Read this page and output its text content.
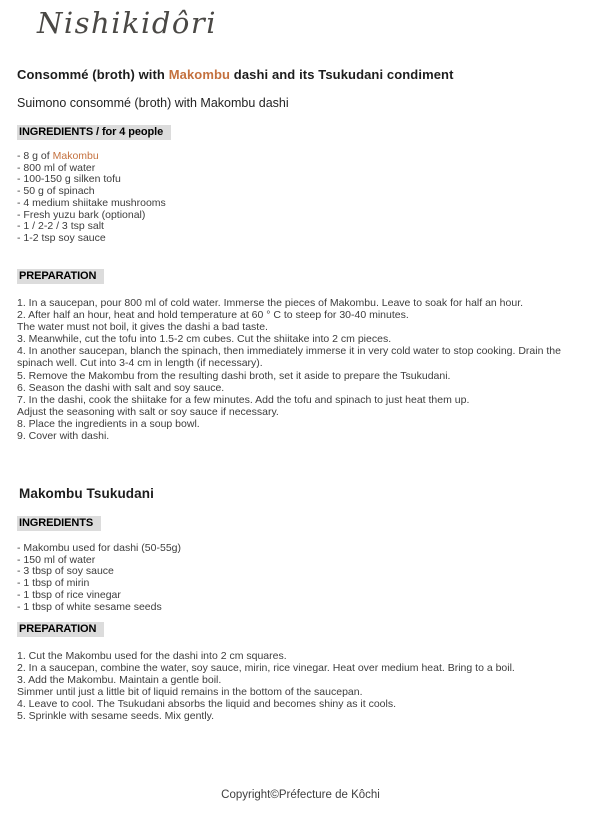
Nishikidôri
Consommé (broth) with Makombu dashi and its Tsukudani condiment
Suimono consommé (broth) with Makombu dashi
INGREDIENTS / for 4 people
- 8 g of Makombu
- 800 ml of water
- 100-150 g silken tofu
- 50 g of spinach
- 4 medium shiitake mushrooms
- Fresh yuzu bark (optional)
- 1 / 2-2 / 3 tsp salt
- 1-2 tsp soy sauce
PREPARATION
1. In a saucepan, pour 800 ml of cold water. Immerse the pieces of Makombu. Leave to soak for half an hour.
2. After half an hour, heat and hold temperature at 60 ° C to steep for 30-40 minutes.
The water must not boil, it gives the dashi a bad taste.
3. Meanwhile, cut the tofu into 1.5-2 cm cubes. Cut the shiitake into 2 cm pieces.
4. In another saucepan, blanch the spinach, then immediately immerse it in very cold water to stop cooking. Drain the spinach well. Cut into 3-4 cm in length (if necessary).
5. Remove the Makombu from the resulting dashi broth, set it aside to prepare the Tsukudani.
6. Season the dashi with salt and soy sauce.
7. In the dashi, cook the shiitake for a few minutes. Add the tofu and spinach to just heat them up.
Adjust the seasoning with salt or soy sauce if necessary.
8. Place the ingredients in a soup bowl.
9. Cover with dashi.
Makombu Tsukudani
INGREDIENTS
- Makombu used for dashi (50-55g)
- 150 ml of water
- 3 tbsp of soy sauce
- 1 tbsp of mirin
- 1 tbsp of rice vinegar
- 1 tbsp of white sesame seeds
PREPARATION
1. Cut the Makombu used for the dashi into 2 cm squares.
2. In a saucepan, combine the water, soy sauce, mirin, rice vinegar. Heat over medium heat. Bring to a boil.
3. Add the Makombu. Maintain a gentle boil.
Simmer until just a little bit of liquid remains in the bottom of the saucepan.
4. Leave to cool. The Tsukudani absorbs the liquid and becomes shiny as it cools.
5. Sprinkle with sesame seeds. Mix gently.

Copyright©Préfecture de Kôchi
